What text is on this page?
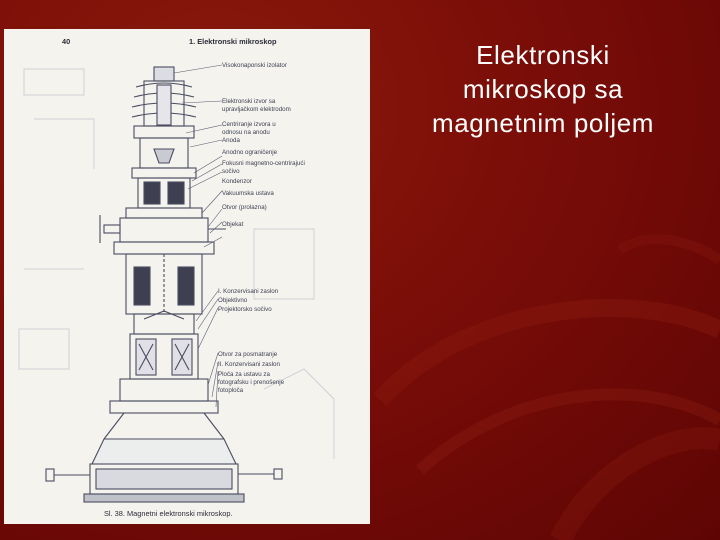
Elektronski
mikroskop sa
magnetnim poljem
40	1. Elektronski mikroskop
Visokonaponski izolator
Elektronski izvor sa
upravljačkom elektrodom
Centriranje izvora u
odnosu na anodu
Anoda
Anodno ograničenje
Fokusni magnetno-centrirajući
sočivo
Kondenzor
Vakuumska ustava
Otvor (prolazna)
Objekat
I. Konzervisani zaslon
Objektivno
Projektorsko sočivo
Otvor za posmatranje
II. Konzervisani zaslon
Ploča za ustavu za
fotografsku i prenošenje
fotoploča
Sl. 38. Magnetni elektronski mikroskop.
